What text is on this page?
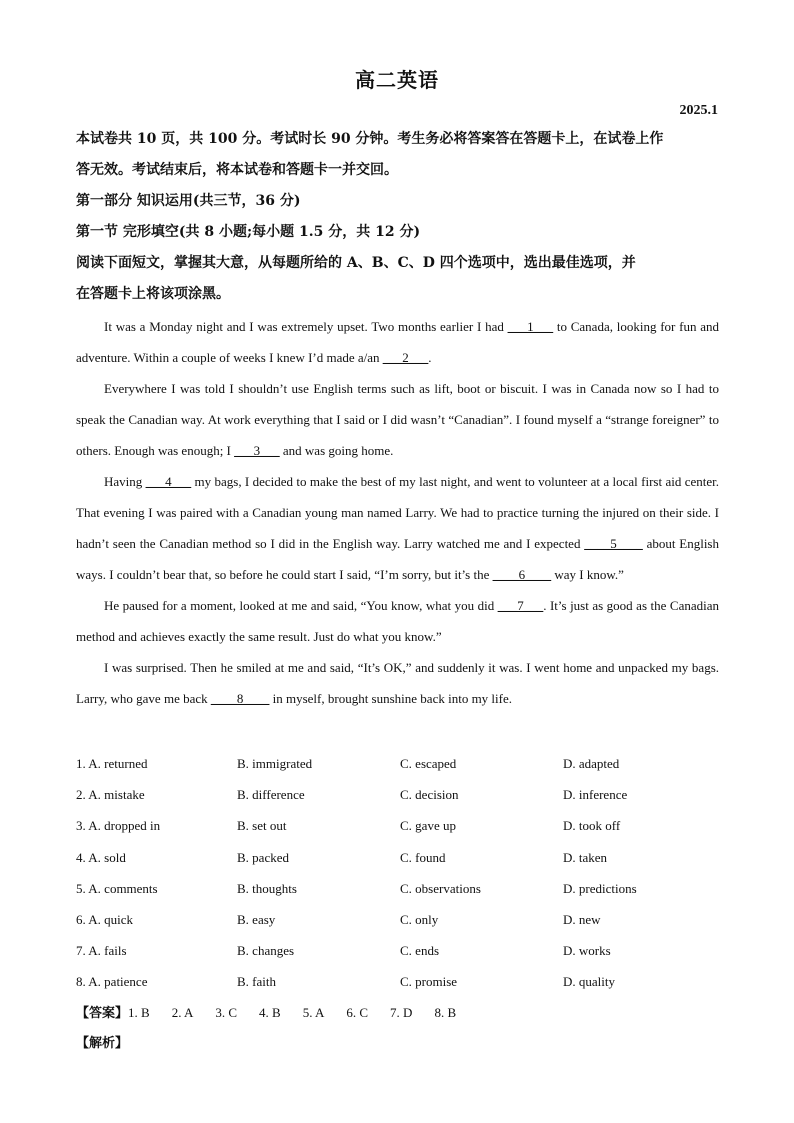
高二英语
2025.1
本试卷共 10 页，共 100 分。考试时长 90 分钟。考生务必将答案答在答题卡上，在试卷上作
答无效。考试结束后，将本试卷和答题卡一并交回。
第一部分 知识运用(共三节，36 分)
第一节 完形填空(共 8 小题;每小题 1.5 分，共 12 分)
阅读下面短文，掌握其大意，从每题所给的 A、B、C、D 四个选项中，选出最佳选项，并
在答题卡上将该项涂黑。

It was a Monday night and I was extremely upset. Two months earlier I had ___1___ to Canada, looking for fun and adventure. Within a couple of weeks I knew I’d made a/an ___2___.

Everywhere I was told I shouldn’t use English terms such as lift, boot or biscuit. I was in Canada now so I had to speak the Canadian way. At work everything that I said or I did wasn’t “Canadian”. I found myself a “strange foreigner” to others. Enough was enough; I ___3___ and was going home.

Having ___4___ my bags, I decided to make the best of my last night, and went to volunteer at a local first aid center. That evening I was paired with a Canadian young man named Larry. We had to practice turning the injured on their side. I hadn’t seen the Canadian method so I did in the English way. Larry watched me and I expected ____5____ about English ways. I couldn’t bear that, so before he could start I said, “I’m sorry, but it’s the ____6____ way I know.”

He paused for a moment, looked at me and said, “You know, what you did ___7___. It’s just as good as the Canadian method and achieves exactly the same result. Just do what you know.”

I was surprised. Then he smiled at me and said, “It’s OK,” and suddenly it was. I went home and unpacked my bags. Larry, who gave me back ____8____ in myself, brought sunshine back into my life.

1. A. returned	B. immigrated	C. escaped	D. adapted
2. A. mistake	B. difference	C. decision	D. inference
3. A. dropped in	B. set out	C. gave up	D. took off
4. A. sold	B. packed	C. found	D. taken
5. A. comments	B. thoughts	C. observations	D. predictions
6. A. quick	B. easy	C. only	D. new
7. A. fails	B. changes	C. ends	D. works
8. A. patience	B. faith	C. promise	D. quality
【答案】1. B 2. A 3. C 4. B 5. A 6. C 7. D 8. B
【解析】
